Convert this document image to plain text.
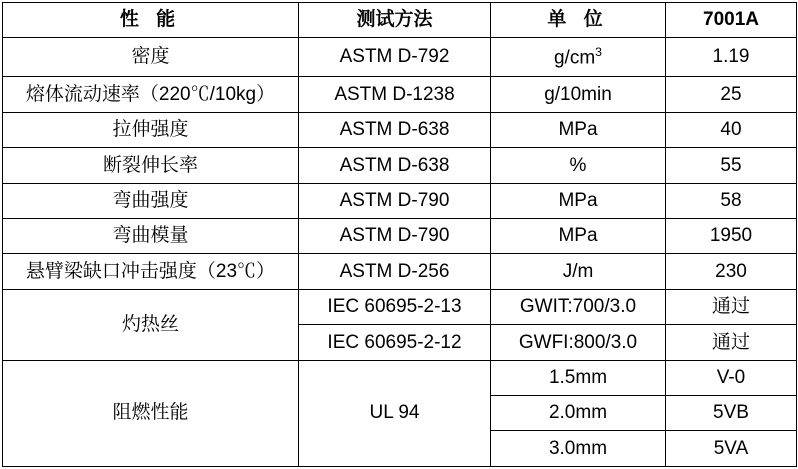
性 能	测试方法	单 位	7001A
密度	ASTM D-792	$g/cm^3$	1.19
熔体流动速率（220℃/10kg）	ASTM D-1238	g/10min	25
拉伸强度	ASTM D-638	MPa	40
断裂伸长率	ASTM D-638	%	55
弯曲强度	ASTM D-790	MPa	58
弯曲模量	ASTM D-790	MPa	1950
悬臂梁缺口冲击强度（23℃）	ASTM D-256	J/m	230
灼热丝	IEC 60695-2-13	GWIT:700/3.0	通过
	IEC 60695-2-12	GWFI:800/3.0	通过
阻燃性能	UL 94	1.5mm	V-0
		2.0mm	5VB
		3.0mm	5VA
